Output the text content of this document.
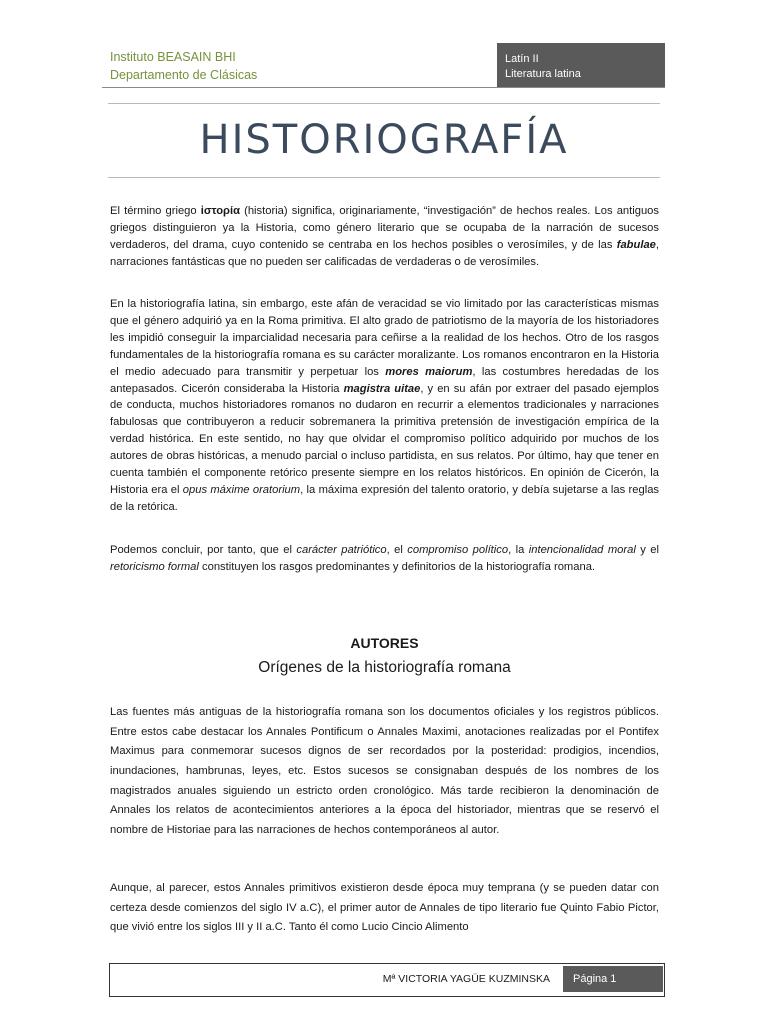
Instituto BEASAIN BHI
Departamento de Clásicas
Latín II
Literatura latina
HISTORIOGRAFÍA

El término griego ἱστορία (historia) significa, originariamente, “investigación” de hechos reales. Los antiguos griegos distinguieron ya la Historia, como género literario que se ocupaba de la narración de sucesos verdaderos, del drama, cuyo contenido se centraba en los hechos posibles o verosímiles, y de las fabulae, narraciones fantásticas que no pueden ser calificadas de verdaderas o de verosímiles.

En la historiografía latina, sin embargo, este afán de veracidad se vio limitado por las características mismas que el género adquirió ya en la Roma primitiva. El alto grado de patriotismo de la mayoría de los historiadores les impidió conseguir la imparcialidad necesaria para ceñirse a la realidad de los hechos. Otro de los rasgos fundamentales de la historiografía romana es su carácter moralizante. Los romanos encontraron en la Historia el medio adecuado para transmitir y perpetuar los mores maiorum, las costumbres heredadas de los antepasados. Cicerón consideraba la Historia magistra uitae, y en su afán por extraer del pasado ejemplos de conducta, muchos historiadores romanos no dudaron en recurrir a elementos tradicionales y narraciones fabulosas que contribuyeron a reducir sobremanera la primitiva pretensión de investigación empírica de la verdad histórica. En este sentido, no hay que olvidar el compromiso político adquirido por muchos de los autores de obras históricas, a menudo parcial o incluso partidista, en sus relatos. Por último, hay que tener en cuenta también el componente retórico presente siempre en los relatos históricos. En opinión de Cicerón, la Historia era el opus máxime oratorium, la máxima expresión del talento oratorio, y debía sujetarse a las reglas de la retórica.

Podemos concluir, por tanto, que el carácter patriótico, el compromiso político, la intencionalidad moral y el retoricismo formal constituyen los rasgos predominantes y definitorios de la historiografía romana.

AUTORES
Orígenes de la historiografía romana

Las fuentes más antiguas de la historiografía romana son los documentos oficiales y los registros públicos. Entre estos cabe destacar los Annales Pontificum o Annales Maximi, anotaciones realizadas por el Pontifex Maximus para conmemorar sucesos dignos de ser recordados por la posteridad: prodigios, incendios, inundaciones, hambrunas, leyes, etc. Estos sucesos se consignaban después de los nombres de los magistrados anuales siguiendo un estricto orden cronológico. Más tarde recibieron la denominación de Annales los relatos de acontecimientos anteriores a la época del historiador, mientras que se reservó el nombre de Historiae para las narraciones de hechos contemporáneos al autor.

Aunque, al parecer, estos Annales primitivos existieron desde época muy temprana (y se pueden datar con certeza desde comienzos del siglo IV a.C), el primer autor de Annales de tipo literario fue Quinto Fabio Pictor, que vivió entre los siglos III y II a.C. Tanto él como Lucio Cincio Alimento

Mª VICTORIA YAGÜE KUZMINSKA	Página 1
